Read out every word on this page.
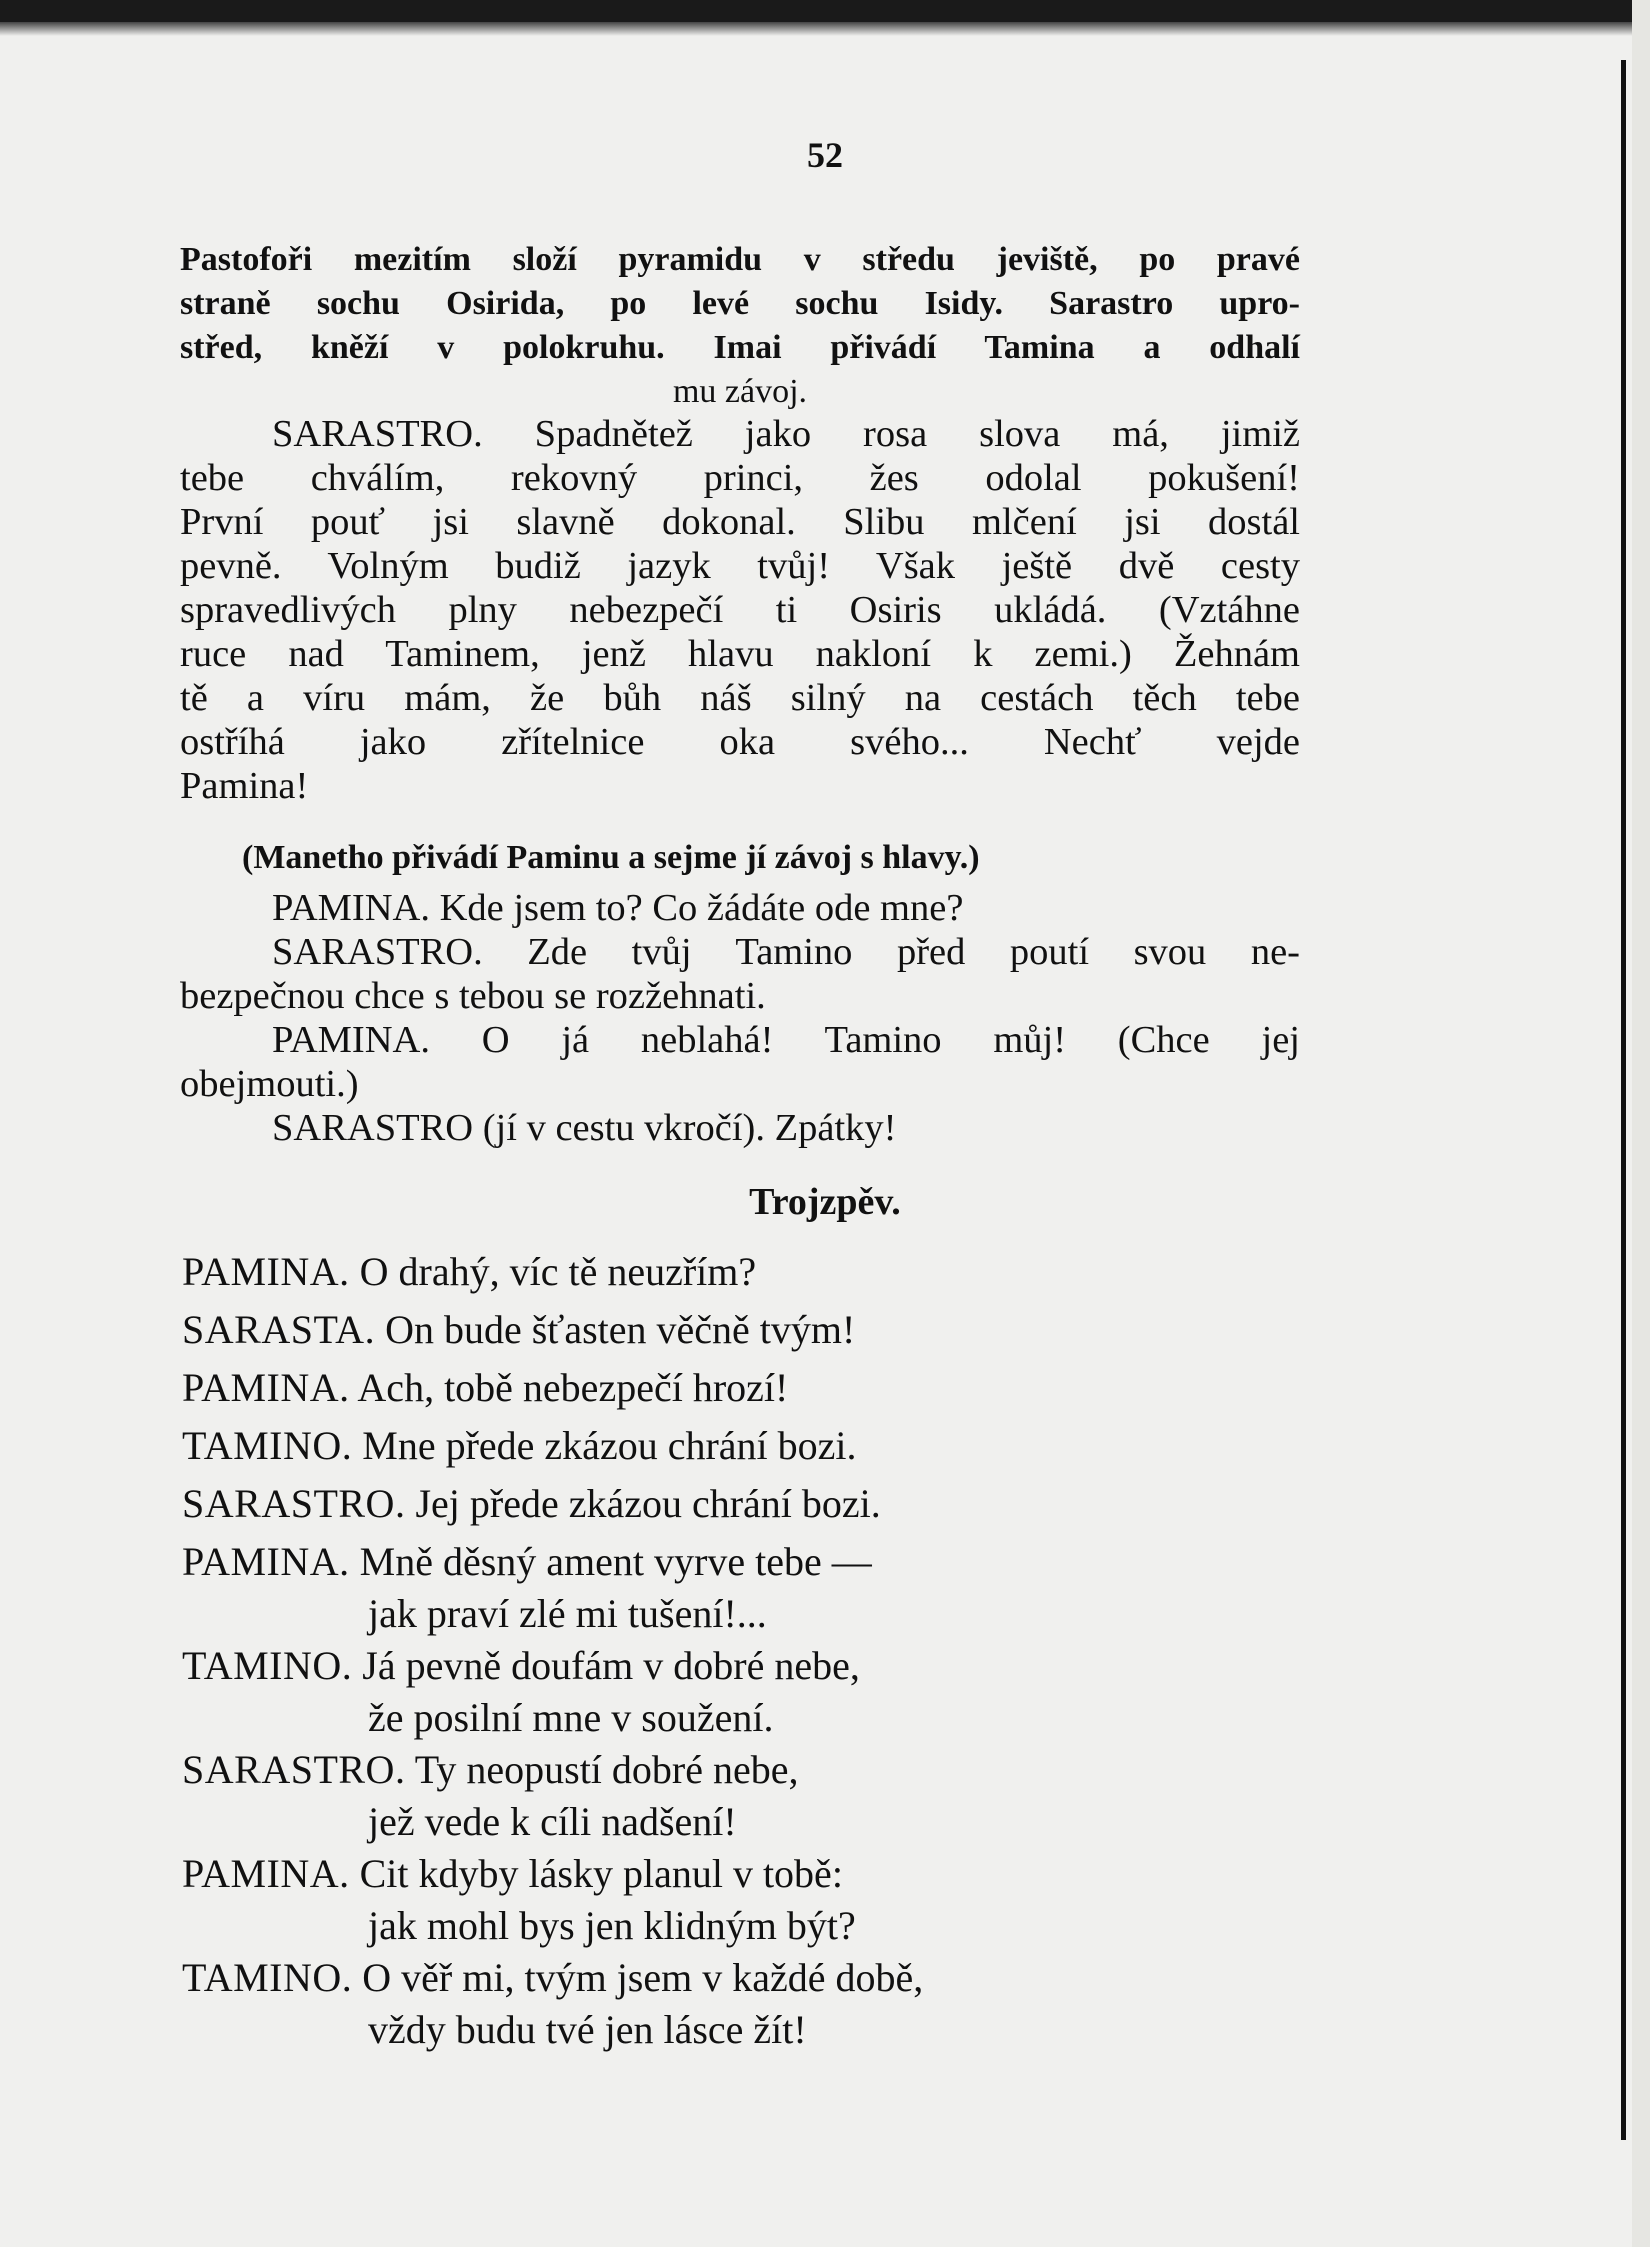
52
Pastofoři mezitím složí pyramidu v středu jeviště, po pravé
straně sochu Osirida, po levé sochu Isidy. Sarastro upro-
střed, kněží v polokruhu. Imai přivádí Tamina a odhalí
mu závoj.
SARASTRO. Spadnětež jako rosa slova má, jimiž
tebe chválím, rekovný princi, žes odolal pokušení!
První pouť jsi slavně dokonal. Slibu mlčení jsi dostál
pevně. Volným budiž jazyk tvůj! Však ještě dvě cesty
spravedlivých plny nebezpečí ti Osiris ukládá. (Vztáhne
ruce nad Taminem, jenž hlavu nakloní k zemi.) Žehnám
tě a víru mám, že bůh náš silný na cestách těch tebe
ostříhá jako zřítelnice oka svého... Nechť vejde
Pamina!
(Manetho přivádí Paminu a sejme jí závoj s hlavy.)
PAMINA. Kde jsem to? Co žádáte ode mne?
SARASTRO. Zde tvůj Tamino před poutí svou ne-
bezpečnou chce s tebou se rozžehnati.
PAMINA. O já neblahá! Tamino můj! (Chce jej
obejmouti.)
SARASTRO (jí v cestu vkročí). Zpátky!
Trojzpěv.
PAMINA. O drahý, víc tě neuzřím?
SARASTA. On bude šťasten věčně tvým!
PAMINA. Ach, tobě nebezpečí hrozí!
TAMINO. Mne přede zkázou chrání bozi.
SARASTRO. Jej přede zkázou chrání bozi.
PAMINA. Mně děsný ament vyrve tebe —
jak praví zlé mi tušení!...
TAMINO. Já pevně doufám v dobré nebe,
že posilní mne v soužení.
SARASTRO. Ty neopustí dobré nebe,
jež vede k cíli nadšení!
PAMINA. Cit kdyby lásky planul v tobě:
jak mohl bys jen klidným být?
TAMINO. O věř mi, tvým jsem v každé době,
vždy budu tvé jen lásce žít!
